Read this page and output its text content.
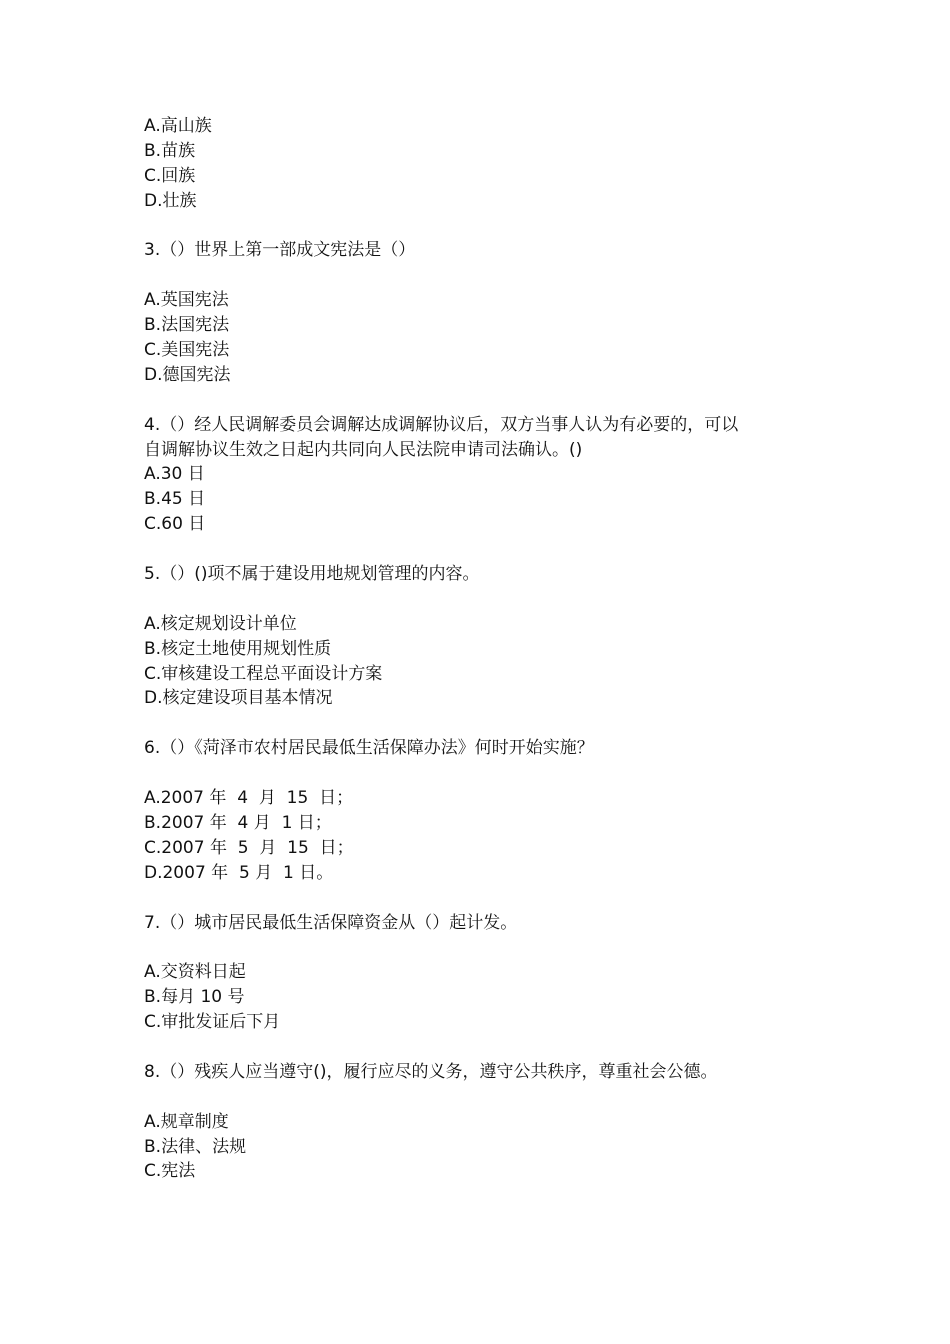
A.高山族

B.苗族

C.回族

D.壮族

3.（）世界上第一部成文宪法是（）

A.英国宪法

B.法国宪法

C.美国宪法

D.德国宪法

4.（）经人民调解委员会调解达成调解协议后，双方当事人认为有必要的，可以

自调解协议生效之日起内共同向人民法院申请司法确认。()

A.30 日

B.45 日

C.60 日

5.（）()项不属于建设用地规划管理的内容。

A.核定规划设计单位

B.核定土地使用规划性质

C.审核建设工程总平面设计方案

D.核定建设项目基本情况

6.（）《菏泽市农村居民最低生活保障办法》何时开始实施？

A.2007 年  4  月  15  日；

B.2007 年  4 月  1 日；

C.2007 年  5  月  15  日；

D.2007 年  5 月  1 日。

7.（）城市居民最低生活保障资金从（）起计发。

A.交资料日起

B.每月 10 号

C.审批发证后下月

8.（）残疾人应当遵守()，履行应尽的义务，遵守公共秩序，尊重社会公德。

A.规章制度

B.法律、法规

C.宪法
